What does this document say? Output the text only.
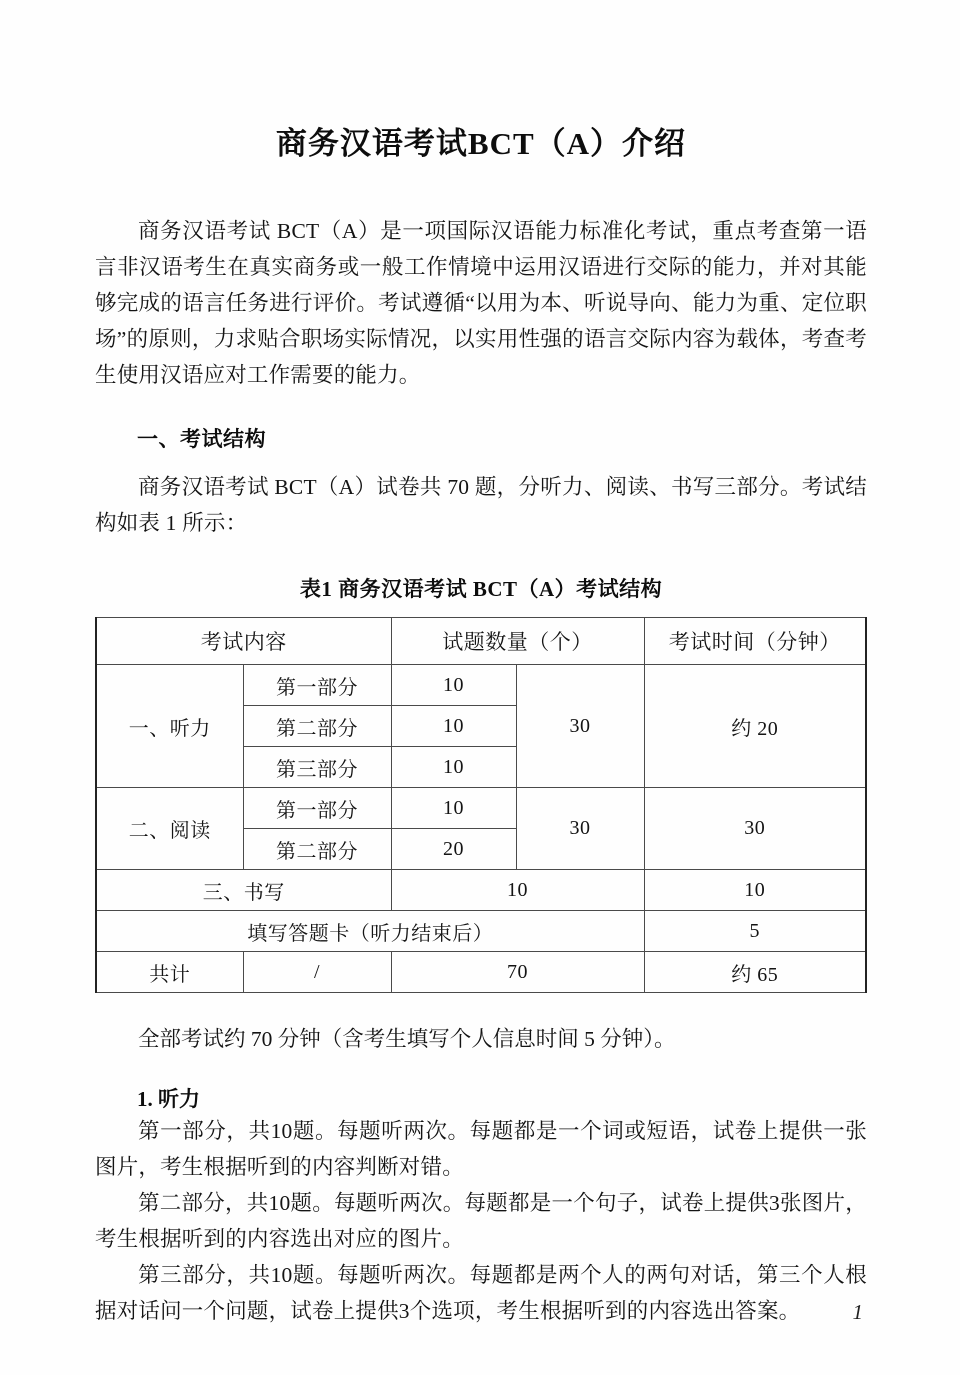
商务汉语考试BCT（A）介绍

商务汉语考试 BCT（A）是一项国际汉语能力标准化考试，重点考查第一语言非汉语考生在真实商务或一般工作情境中运用汉语进行交际的能力，并对其能够完成的语言任务进行评价。考试遵循“以用为本、听说导向、能力为重、定位职场”的原则，力求贴合职场实际情况，以实用性强的语言交际内容为载体，考查考生使用汉语应对工作需要的能力。

一、考试结构

商务汉语考试 BCT（A）试卷共 70 题，分听力、阅读、书写三部分。考试结构如表 1 所示：

表1 商务汉语考试 BCT（A）考试结构
考试内容		试题数量（个）		考试时间（分钟）
一、听力	第一部分	10	30	约 20
	第二部分	10		
	第三部分	10		
二、阅读	第一部分	10	30	30
	第二部分	20		
三、书写		10		10
填写答题卡（听力结束后）				5
共计	/	70		约 65

全部考试约 70 分钟（含考生填写个人信息时间 5 分钟）。

1. 听力

第一部分，共10题。每题听两次。每题都是一个词或短语，试卷上提供一张图片，考生根据听到的内容判断对错。

第二部分，共10题。每题听两次。每题都是一个句子，试卷上提供3张图片，考生根据听到的内容选出对应的图片。

第三部分，共10题。每题听两次。每题都是两个人的两句对话，第三个人根据对话问一个问题，试卷上提供3个选项，考生根据听到的内容选出答案。	1
